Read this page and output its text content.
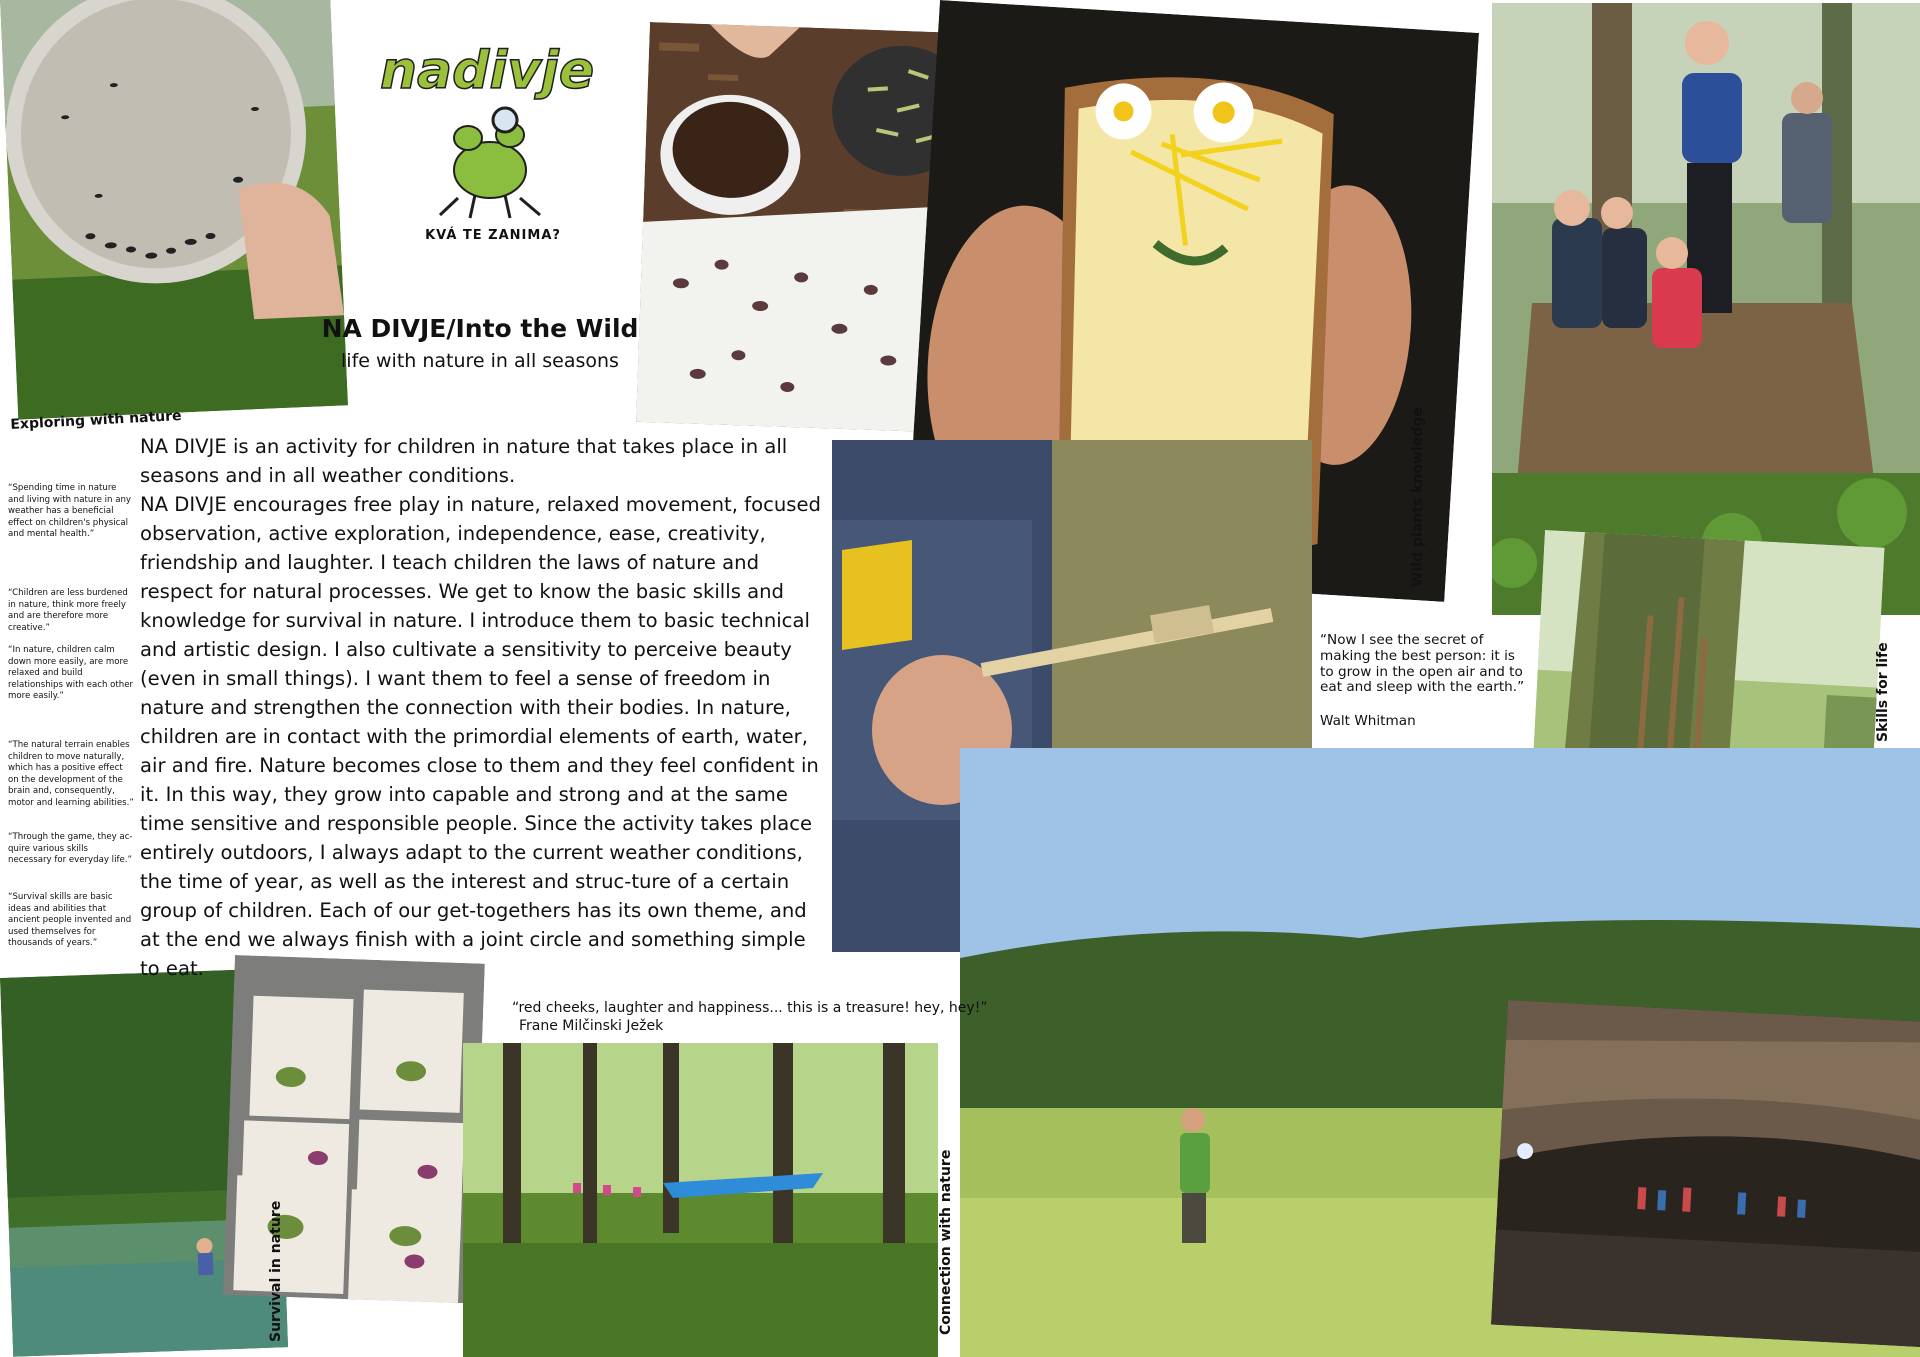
nadivje
KVÁ TE ZANIMA?
NA DIVJE/Into the Wild
life with nature in all seasons
Exploring with nature
“Spending time in nature and living with nature in any weather has a beneficial effect on children's physical and mental health.”
“Children are less burdened in nature, think more freely and are therefore more creative.”
“In nature, children calm down more easily, are more relaxed and build relationships with each other more easily.”
“The natural terrain enables children to move naturally, which has a positive effect on the development of the brain and, consequently, motor and learning abilities.”
“Through the game, they ac-quire various skills necessary for everyday life.”
“Survival skills are basic ideas and abilities that ancient people invented and used themselves for thousands of years.”

NA DIVJE is an activity for children in nature that takes place in all seasons and in all weather conditions.

NA DIVJE encourages free play in nature, relaxed movement, focused observation, active exploration, independence, ease, creativity, friendship and laughter. I teach children the laws of nature and respect for natural processes. We get to know the basic skills and knowledge for survival in nature. I introduce them to basic technical and artistic design. I also cultivate a sensitivity to perceive beauty (even in small things). I want them to feel a sense of freedom in nature and strengthen the connection with their bodies. In nature, children are in contact with the primordial elements of earth, water, air and fire. Nature becomes close to them and they feel confident in it. In this way, they grow into capable and strong and at the same time sensitive and responsible people. Since the activity takes place entirely outdoors, I always adapt to the current weather conditions, the time of year, as well as the interest and struc-ture of a certain group of children. Each of our get-togethers has its own theme, and at the end we always finish with a joint circle and something simple to eat.

“Now I see the secret of making the best person: it is to grow in the open air and to eat and sleep with the earth.”
Walt Whitman
“red cheeks, laughter and happiness... this is a treasure! hey, hey!”
Frane Milčinski Ježek
Wild plants knowledge
Skills for life
Survival in nature	Connection with nature
